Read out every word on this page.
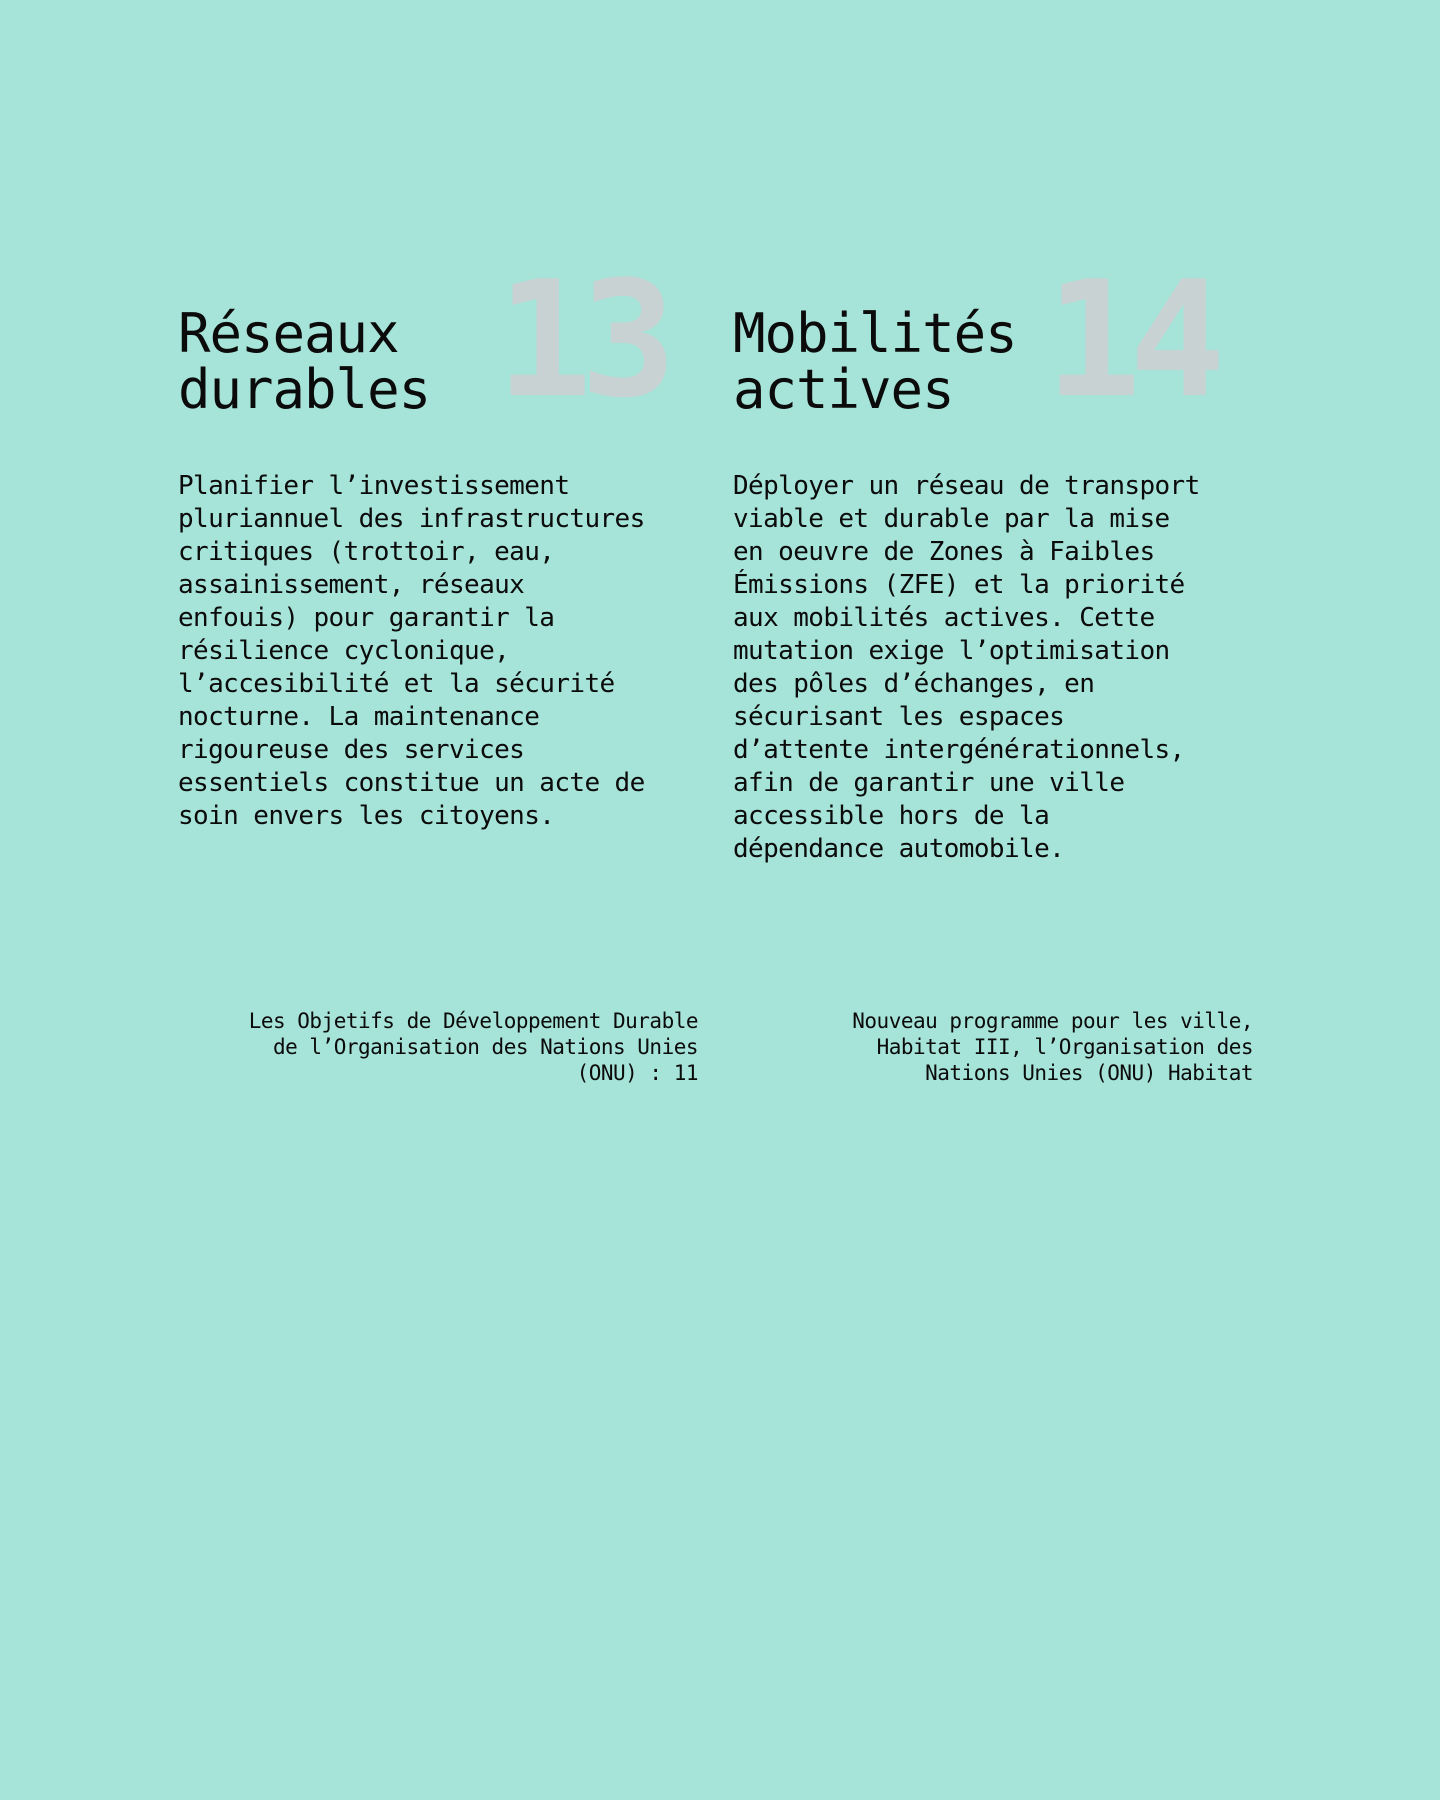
13
Réseaux
durables

Planifier l’investissement
pluriannuel des infrastructures
critiques (trottoir, eau,
assainissement, réseaux
enfouis) pour garantir la
résilience cyclonique,
l’accesibilité et la sécurité
nocturne. La maintenance
rigoureuse des services
essentiels constitue un acte de
soin envers les citoyens.

14
Mobilités
actives

Déployer un réseau de transport
viable et durable par la mise
en oeuvre de Zones à Faibles
Émissions (ZFE) et la priorité
aux mobilités actives. Cette
mutation exige l’optimisation
des pôles d’échanges, en
sécurisant les espaces
d’attente intergénérationnels,
afin de garantir une ville
accessible hors de la
dépendance automobile.

Les Objetifs de Développement Durable
de l’Organisation des Nations Unies
(ONU) : 11
Nouveau programme pour les ville,
Habitat III, l’Organisation des
Nations Unies (ONU) Habitat
